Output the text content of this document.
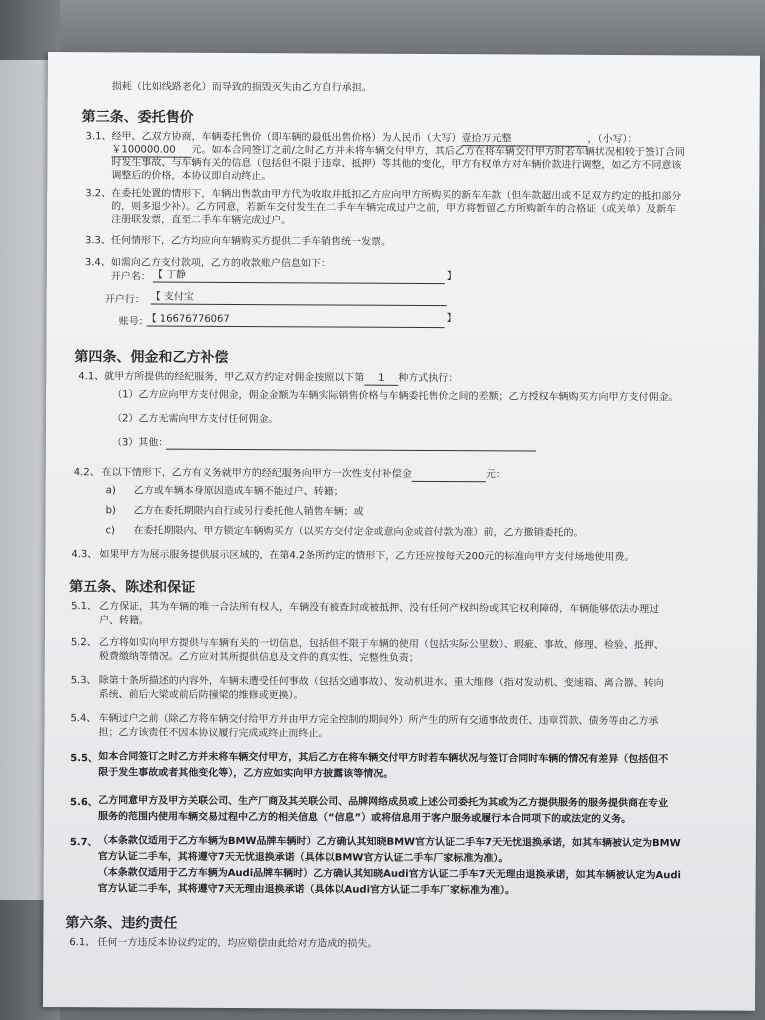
损耗（比如线路老化）而导致的损毁灭失由乙方自行承担。
第三条、委托售价
3.1、 经甲、乙双方协商，车辆委托售价（即车辆的最低出售价格）为人民币（大写）壹拾万元整	，（小写）：
￥100000.00 元。如本合同签订之前/之时乙方并未将车辆交付甲方，其后乙方在将车辆交付甲方时若车辆状况相较于签订合同
时发生事故、与车辆有关的信息（包括但不限于违章、抵押）等其他的变化，甲方有权单方对车辆价款进行调整，如乙方不同意该
调整后的价格，本协议即自动终止。
3.2、 在委托处置的情形下，车辆出售款由甲方代为收取并抵扣乙方应向甲方所购买的新车车款（但车款超出或不足双方约定的抵扣部分
的，则多退少补）。乙方同意，若新车交付发生在二手车车辆完成过户之前，甲方将暂留乙方所购新车的合格证（或关单）及新车
注册联发票，直至二手车车辆完成过户。
3.3、 任何情形下，乙方均应向车辆购买方提供二手车销售统一发票。
3.4、 如需向乙方支付款项，乙方的收款账户信息如下：
开户名： 【 丁静	】
开户行： 【 支付宝
账号：
【 16676776067	】
第四条、佣金和乙方补偿
4.1、 就甲方所提供的经纪服务，甲乙双方约定对佣金按照以下第 1 种方式执行：
（1）乙方应向甲方支付佣金，佣金金额为车辆实际销售价格与车辆委托售价之间的差额；乙方授权车辆购买方向甲方支付佣金。
（2）乙方无需向甲方支付任何佣金。
（3）其他：
4.2、 在以下情形下，乙方有义务就甲方的经纪服务向甲方一次性支付补偿金	元：
a) 乙方或车辆本身原因造成车辆不能过户、转籍；
b) 乙方在委托期限内自行或另行委托他人销售车辆；或
c) 在委托期限内、甲方锁定车辆购买方（以买方交付定金或意向金或首付款为准）前，乙方撤销委托的。
4.3、 如果甲方为展示服务提供展示区域的，在第4.2条所约定的情形下，乙方还应按每天200元的标准向甲方支付场地使用费。
第五条、陈述和保证
5.1、 乙方保证，其为车辆的唯一合法所有权人，车辆没有被查封或被抵押、没有任何产权纠纷或其它权利障碍，车辆能够依法办理过
户、转籍。
5.2、 乙方将如实向甲方提供与车辆有关的一切信息，包括但不限于车辆的使用（包括实际公里数）、瑕疵、事故、修理、检验、抵押、
税费缴纳等情况。乙方应对其所提供信息及文件的真实性、完整性负责；
5.3、 除第十条所描述的内容外，车辆未遭受任何事故（包括交通事故）、发动机进水、重大维修（指对发动机、变速箱、离合器、转向
系统、前后大梁或前后防撞梁的维修或更换）。
5.4、 车辆过户之前（除乙方将车辆交付给甲方并由甲方完全控制的期间外）所产生的所有交通事故责任、违章罚款、债务等由乙方承
担；乙方该责任不因本协议履行完成或终止而终止。
5.5、 如本合同签订之时乙方并未将车辆交付甲方，其后乙方在将车辆交付甲方时若车辆状况与签订合同时车辆的情况有差异（包括但不
限于发生事故或者其他变化等），乙方应如实向甲方披露该等情况。
5.6、 乙方同意甲方及甲方关联公司、生产厂商及其关联公司、品牌网络成员或上述公司委托为其或为乙方提供服务的服务提供商在专业
服务的范围内使用车辆交易过程中乙方的相关信息（“信息”）或将信息用于客户服务或履行本合同项下的或法定的义务。
5.7、 （本条款仅适用于乙方车辆为BMW品牌车辆时）乙方确认其知晓BMW官方认证二手车7天无忧退换承诺，如其车辆被认定为BMW
官方认证二手车，其将遵守7天无忧退换承诺（具体以BMW官方认证二手车厂家标准为准）。
（本条款仅适用于乙方车辆为Audi品牌车辆时）乙方确认其知晓Audi官方认证二手车7天无理由退换承诺，如其车辆被认定为Audi
官方认证二手车，其将遵守7天无理由退换承诺（具体以Audi官方认证二手车厂家标准为准）。
第六条、违约责任
6.1、 任何一方违反本协议约定的，均应赔偿由此给对方造成的损失。
